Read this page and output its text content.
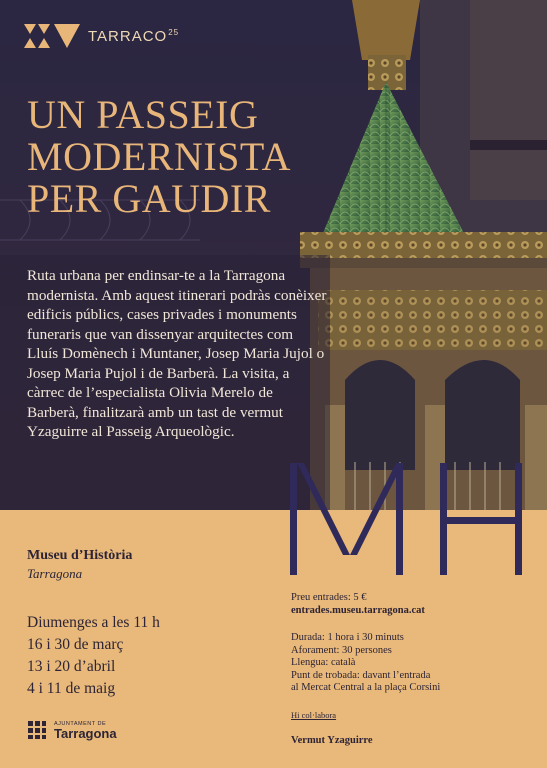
TARRACO$^{25}$
UN PASSEIG
MODERNISTA
PER GAUDIR
Ruta urbana per endinsar-te a la Tarragona modernista. Amb aquest itinerari podràs conèixer edificis públics, cases privades i monuments funeraris que van dissenyar arquitectes com Lluís Domènech i Muntaner, Josep Maria Jujol o Josep Maria Pujol i de Barberà. La visita, a càrrec de l’especialista Olivia Merelo de Barberà, finalitzarà amb un tast de vermut Yzaguirre al Passeig Arqueològic.
Museu d’Història
Tarragona
Diumenges a les 11 h
16 i 30 de març
13 i 20 d’abril
4 i 11 de maig
Preu entrades: 5 €
entrades.museu.tarragona.cat
Durada: 1 hora i 30 minuts
Aforament: 30 persones
Llengua: català
Punt de trobada: davant l’entrada
al Mercat Central a la plaça Corsini
Hi col·labora
Vermut Yzaguirre
AJUNTAMENT DE
Tarragona
